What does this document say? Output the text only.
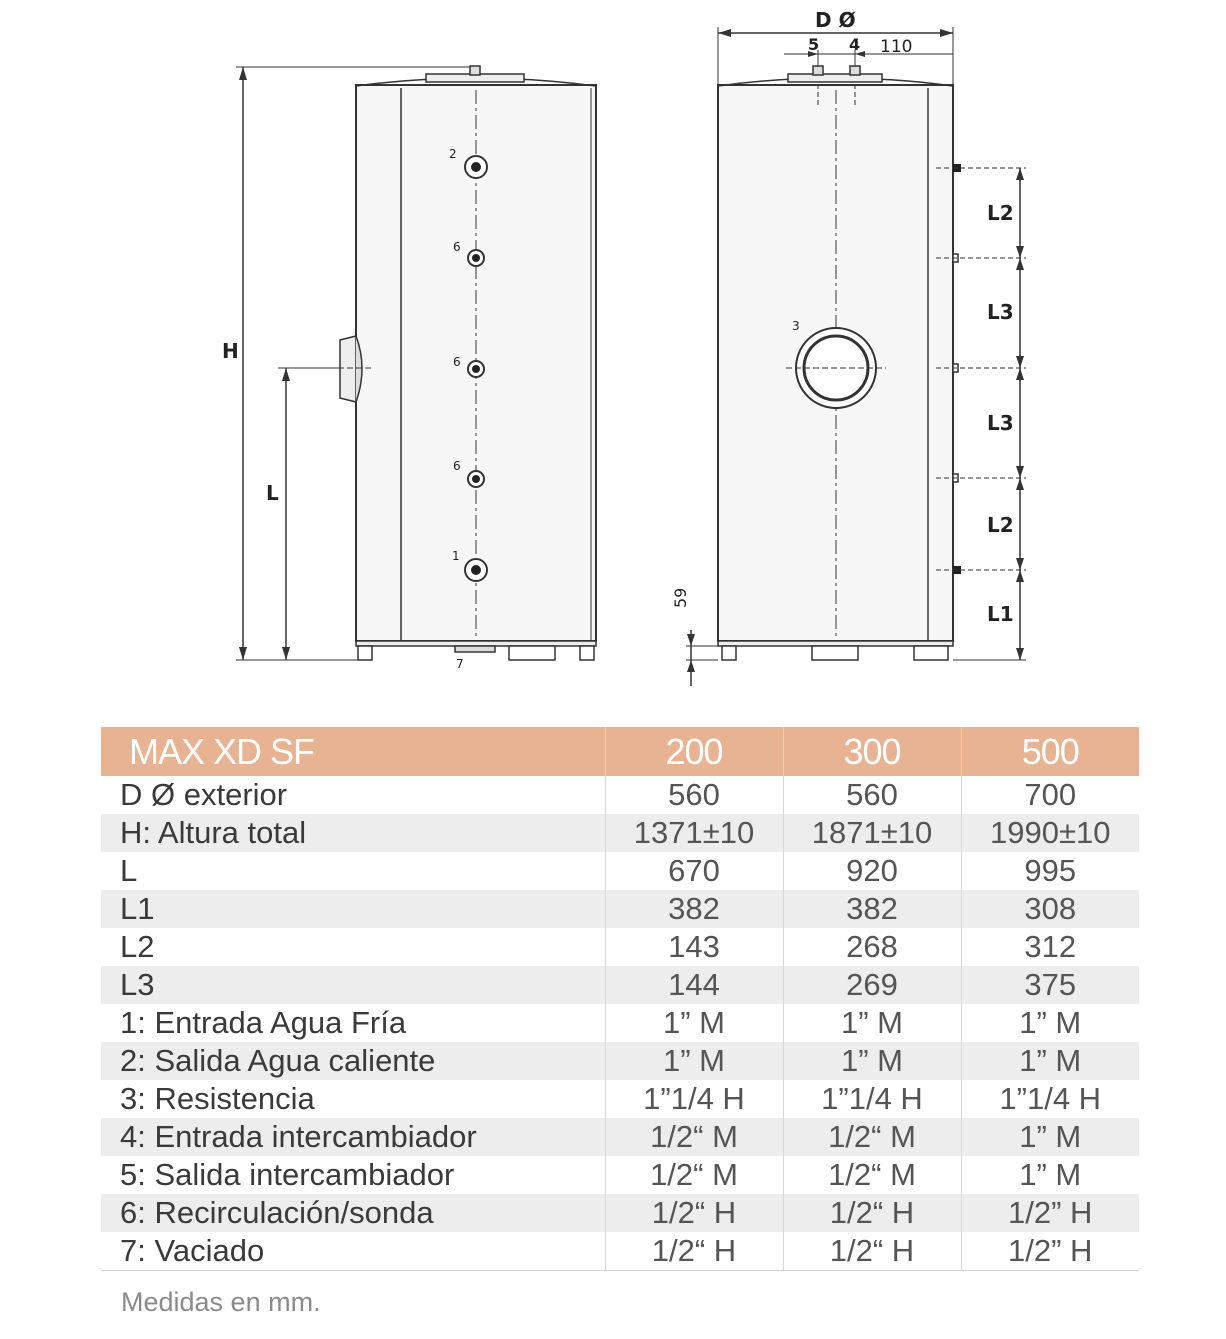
H
L
2
6
6
6
1
7
D Ø
5 4 110
3
L2
L3
L3
L2
L1
59
MAX XD SF	200	300	500
D Ø exterior	560	560	700
H: Altura total	1371±10	1871±10	1990±10
L	670	920	995
L1	382	382	308
L2	143	268	312
L3	144	269	375
1: Entrada Agua Fría	1” M	1” M	1” M
2: Salida Agua caliente	1” M	1” M	1” M
3: Resistencia	1”1/4 H	1”1/4 H	1”1/4 H
4: Entrada intercambiador	1/2“ M	1/2“ M	1” M
5: Salida intercambiador	1/2“ M	1/2“ M	1” M
6: Recirculación/sonda	1/2“ H	1/2“ H	1/2” H
7: Vaciado	1/2“ H	1/2“ H	1/2” H
Medidas en mm.
